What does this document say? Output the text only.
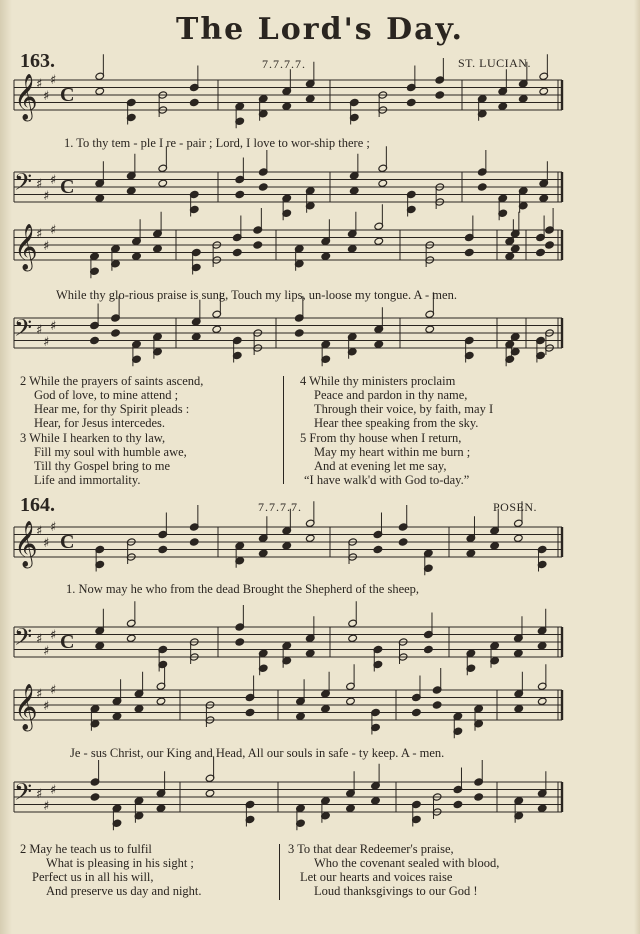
The Lord's Day.
163.	7.7.7.7.	ST. LUCIAN.
𝄞
♯
♯
♯
C
𝄢 ♯
♯
♯ C
𝄞
♯
♯
♯
𝄢 ♯
♯
♯
𝄞
♯
♯
♯
C
𝄢 ♯
♯
♯ C
𝄞
♯
♯
♯
𝄢 ♯
♯
♯
1. To thy tem - ple I re - pair ; Lord, I love to wor-ship there ;
While thy glo-rious praise is sung, Touch my lips, un-loose my tongue. A - men.
2 While the prayers of saints ascend,
God of love, to mine attend ;
Hear me, for thy Spirit pleads :
Hear, for Jesus intercedes.
3 While I hearken to thy law,
Fill my soul with humble awe,
Till thy Gospel bring to me
Life and immortality.
4 While thy ministers proclaim
Peace and pardon in thy name,
Through their voice, by faith, may I
Hear thee speaking from the sky.
5 From thy house when I return,
May my heart within me burn ;
And at evening let me say,
“I have walk'd with God to-day.”
164.	7.7.7.7.	POSEN.
1. Now may he who from the dead Brought the Shepherd of the sheep,
Je - sus Christ, our King and Head, All our souls in safe - ty keep. A - men.
2 May he teach us to fulfil
What is pleasing in his sight ;
Perfect us in all his will,
And preserve us day and night.
3 To that dear Redeemer's praise,
Who the covenant sealed with blood,
Let our hearts and voices raise
Loud thanksgivings to our God !
